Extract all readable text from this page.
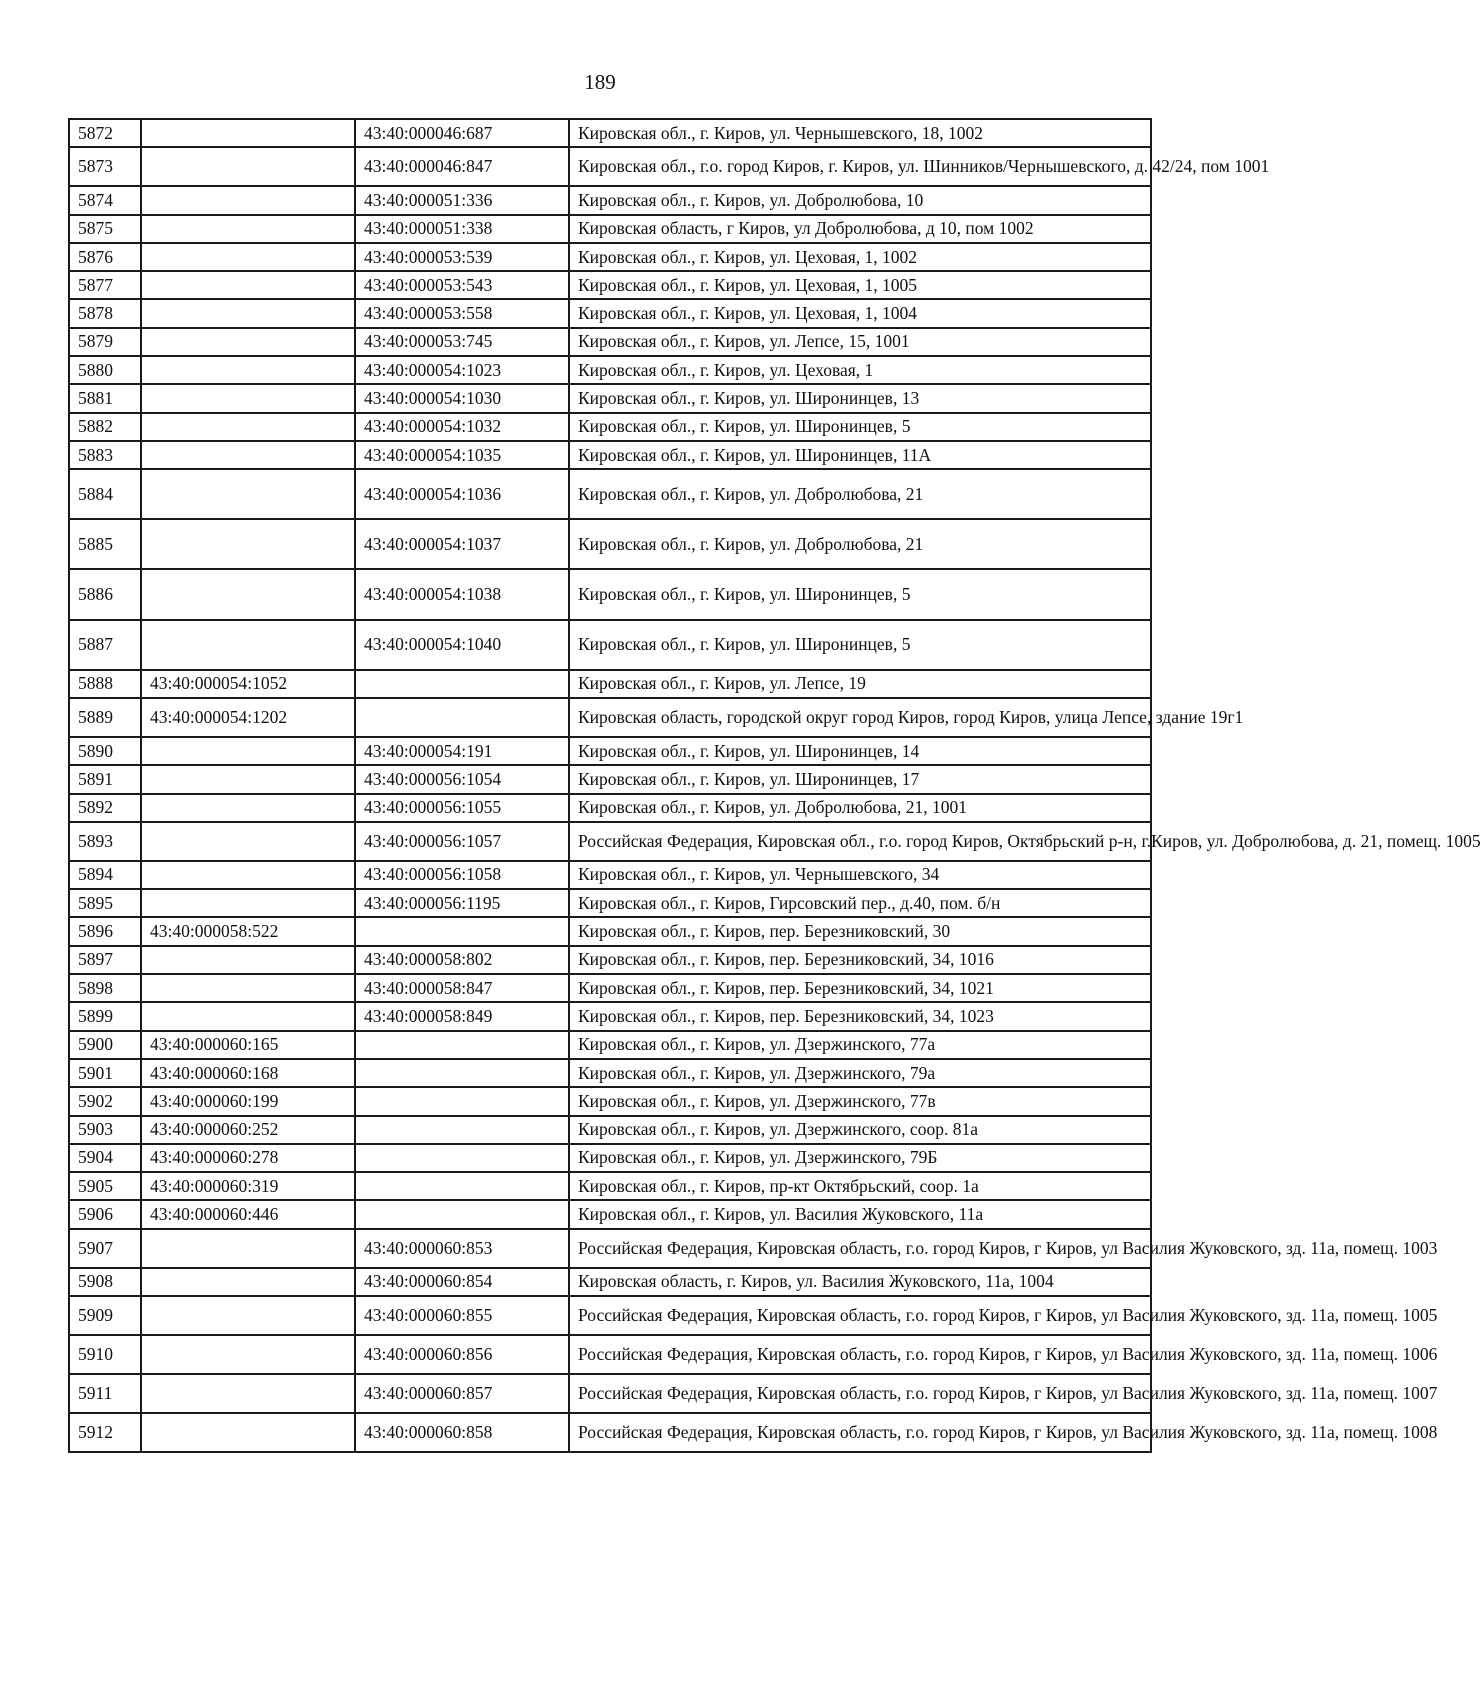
189
5872		43:40:000046:687	Кировская обл., г. Киров, ул. Чернышевского, 18, 1002
5873		43:40:000046:847	Кировская обл., г.о. город Киров, г. Киров, ул. Шинников/Чернышевского, д. 42/24, пом 1001
5874		43:40:000051:336	Кировская обл., г. Киров, ул. Добролюбова, 10
5875		43:40:000051:338	Кировская область, г Киров, ул Добролюбова, д 10, пом 1002
5876		43:40:000053:539	Кировская обл., г. Киров, ул. Цеховая, 1, 1002
5877		43:40:000053:543	Кировская обл., г. Киров, ул. Цеховая, 1, 1005
5878		43:40:000053:558	Кировская обл., г. Киров, ул. Цеховая, 1, 1004
5879		43:40:000053:745	Кировская обл., г. Киров, ул. Лепсе, 15, 1001
5880		43:40:000054:1023	Кировская обл., г. Киров, ул. Цеховая, 1
5881		43:40:000054:1030	Кировская обл., г. Киров, ул. Широнинцев, 13
5882		43:40:000054:1032	Кировская обл., г. Киров, ул. Широнинцев, 5
5883		43:40:000054:1035	Кировская обл., г. Киров, ул. Широнинцев, 11А
5884		43:40:000054:1036	Кировская обл., г. Киров, ул. Добролюбова, 21
5885		43:40:000054:1037	Кировская обл., г. Киров, ул. Добролюбова, 21
5886		43:40:000054:1038	Кировская обл., г. Киров, ул. Широнинцев, 5
5887		43:40:000054:1040	Кировская обл., г. Киров, ул. Широнинцев, 5
5888	43:40:000054:1052		Кировская обл., г. Киров, ул. Лепсе, 19
5889	43:40:000054:1202		Кировская область, городской округ город Киров, город Киров, улица Лепсе, здание 19г1
5890		43:40:000054:191	Кировская обл., г. Киров, ул. Широнинцев, 14
5891		43:40:000056:1054	Кировская обл., г. Киров, ул. Широнинцев, 17
5892		43:40:000056:1055	Кировская обл., г. Киров, ул. Добролюбова, 21, 1001
5893		43:40:000056:1057	Российская Федерация, Кировская обл., г.о. город Киров, Октябрьский р-н, г.Киров, ул. Добролюбова, д. 21, помещ. 1005
5894		43:40:000056:1058	Кировская обл., г. Киров, ул. Чернышевского, 34
5895		43:40:000056:1195	Кировская обл., г. Киров, Гирсовский пер., д.40, пом. б/н
5896	43:40:000058:522		Кировская обл., г. Киров, пер. Березниковский, 30
5897		43:40:000058:802	Кировская обл., г. Киров, пер. Березниковский, 34, 1016
5898		43:40:000058:847	Кировская обл., г. Киров, пер. Березниковский, 34, 1021
5899		43:40:000058:849	Кировская обл., г. Киров, пер. Березниковский, 34, 1023
5900	43:40:000060:165		Кировская обл., г. Киров, ул. Дзержинского, 77а
5901	43:40:000060:168		Кировская обл., г. Киров, ул. Дзержинского, 79а
5902	43:40:000060:199		Кировская обл., г. Киров, ул. Дзержинского, 77в
5903	43:40:000060:252		Кировская обл., г. Киров, ул. Дзержинского, соор. 81а
5904	43:40:000060:278		Кировская обл., г. Киров, ул. Дзержинского, 79Б
5905	43:40:000060:319		Кировская обл., г. Киров, пр-кт Октябрьский, соор. 1а
5906	43:40:000060:446		Кировская обл., г. Киров, ул. Василия Жуковского, 11а
5907		43:40:000060:853	Российская Федерация, Кировская область, г.о. город Киров, г Киров, ул Василия Жуковского, зд. 11а, помещ. 1003
5908		43:40:000060:854	Кировская область, г. Киров, ул. Василия Жуковского, 11а, 1004
5909		43:40:000060:855	Российская Федерация, Кировская область, г.о. город Киров, г Киров, ул Василия Жуковского, зд. 11а, помещ. 1005
5910		43:40:000060:856	Российская Федерация, Кировская область, г.о. город Киров, г Киров, ул Василия Жуковского, зд. 11а, помещ. 1006
5911		43:40:000060:857	Российская Федерация, Кировская область, г.о. город Киров, г Киров, ул Василия Жуковского, зд. 11а, помещ. 1007
5912		43:40:000060:858	Российская Федерация, Кировская область, г.о. город Киров, г Киров, ул Василия Жуковского, зд. 11а, помещ. 1008
